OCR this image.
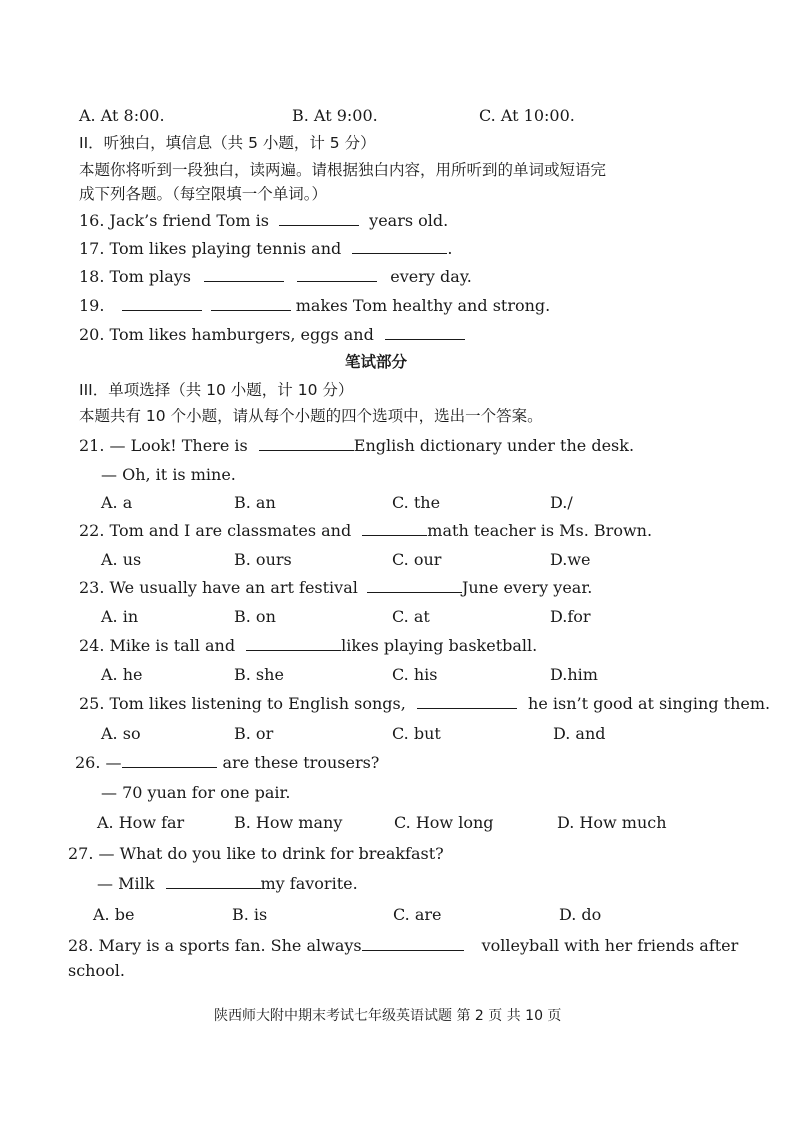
A. At 8:00.	B. At 9:00.	C. At 10:00.
II．听独白，填信息（共 5 小题，计 5 分）
本题你将听到一段独白，读两遍。请根据独白内容，用所听到的单词或短语完
成下列各题。（每空限填一个单词。）
16. Jack’s friend Tom is	years old.
17. Tom likes playing tennis and	.
18. Tom plays	every day.
19.	makes Tom healthy and strong.
20. Tom likes hamburgers, eggs and
笔试部分
III．单项选择（共 10 小题，计 10 分）
本题共有 10 个小题，请从每个小题的四个选项中，选出一个答案。
21. — Look! There is	English dictionary under the desk.
— Oh, it is mine.
A. a	B. an	C. the	D./
22. Tom and I are classmates and	math teacher is Ms. Brown.
A. us	B. ours	C. our	D.we
23. We usually have an art festival	June every year.
A. in	B. on	C. at	D.for
24. Mike is tall and	likes playing basketball.
A. he	B. she	C. his	D.him
25. Tom likes listening to English songs,	he isn’t good at singing them.
A. so	B. or	C. but	D. and
26. —	are these trousers?
— 70 yuan for one pair.
A. How far	B. How many	C. How long	D. How much
27. — What do you like to drink for breakfast?
— Milk	my favorite.
A. be	B. is	C. are	D. do
28. Mary is a sports fan. She always	volleyball with her friends after
school.
陕西师大附中期末考试七年级英语试题 第 2 页 共 10 页
